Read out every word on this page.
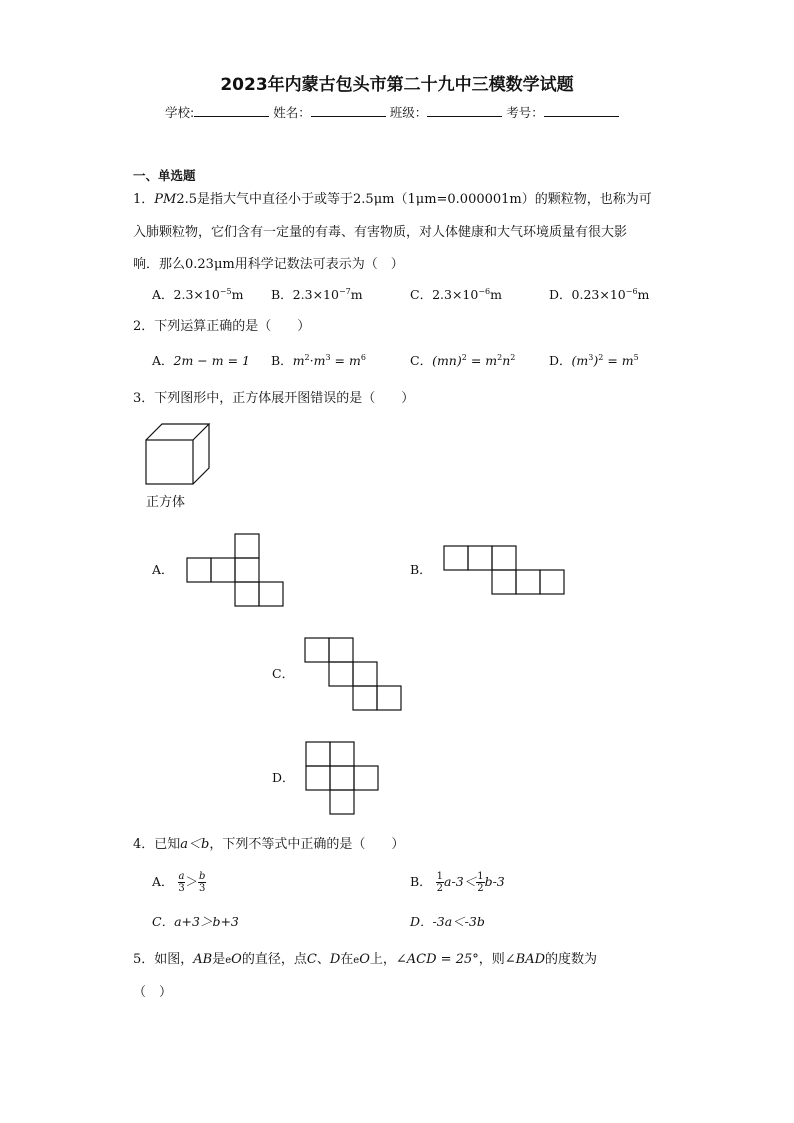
2023年内蒙古包头市第二十九中三模数学试题
学校:	姓名：	班级：	考号：
一、单选题
1．PM2.5是指大气中直径小于或等于2.5μm（1μm=0.000001m）的颗粒物，也称为可
入肺颗粒物，它们含有一定量的有毒、有害物质，对人体健康和大气环境质量有很大影
响．那么0.23μm用科学记数法可表示为（　）
A．$2.3\times 10^{-5}m$ B．$2.3\times 10^{-7}m$	C．$2.3\times 10^{-6}m$	D．$0.23\times 10^{-6}m$
2．下列运算正确的是（　　）
A．2m − m = 1 B．$m^2\cdot m^3 = m^6$	C．$(mn)^2 = m^2n^2$	D．$(m^3)^2 = m^5$
3．下列图形中，正方体展开图错误的是（　　）
正方体
A．	B．
C．
D．
4．已知a＜b，下列不等式中正确的是（　　）
A． $\frac{a}{3} > \frac{b}{3}$	B． $\frac{1}{2} a-3< \frac{1}{2} b-3$
C．a+3＞b+3	D．-3a＜-3b
5．如图，AB是eO的直径，点C、D在eO上，∠ACD = 25°，则∠BAD的度数为
（　）
